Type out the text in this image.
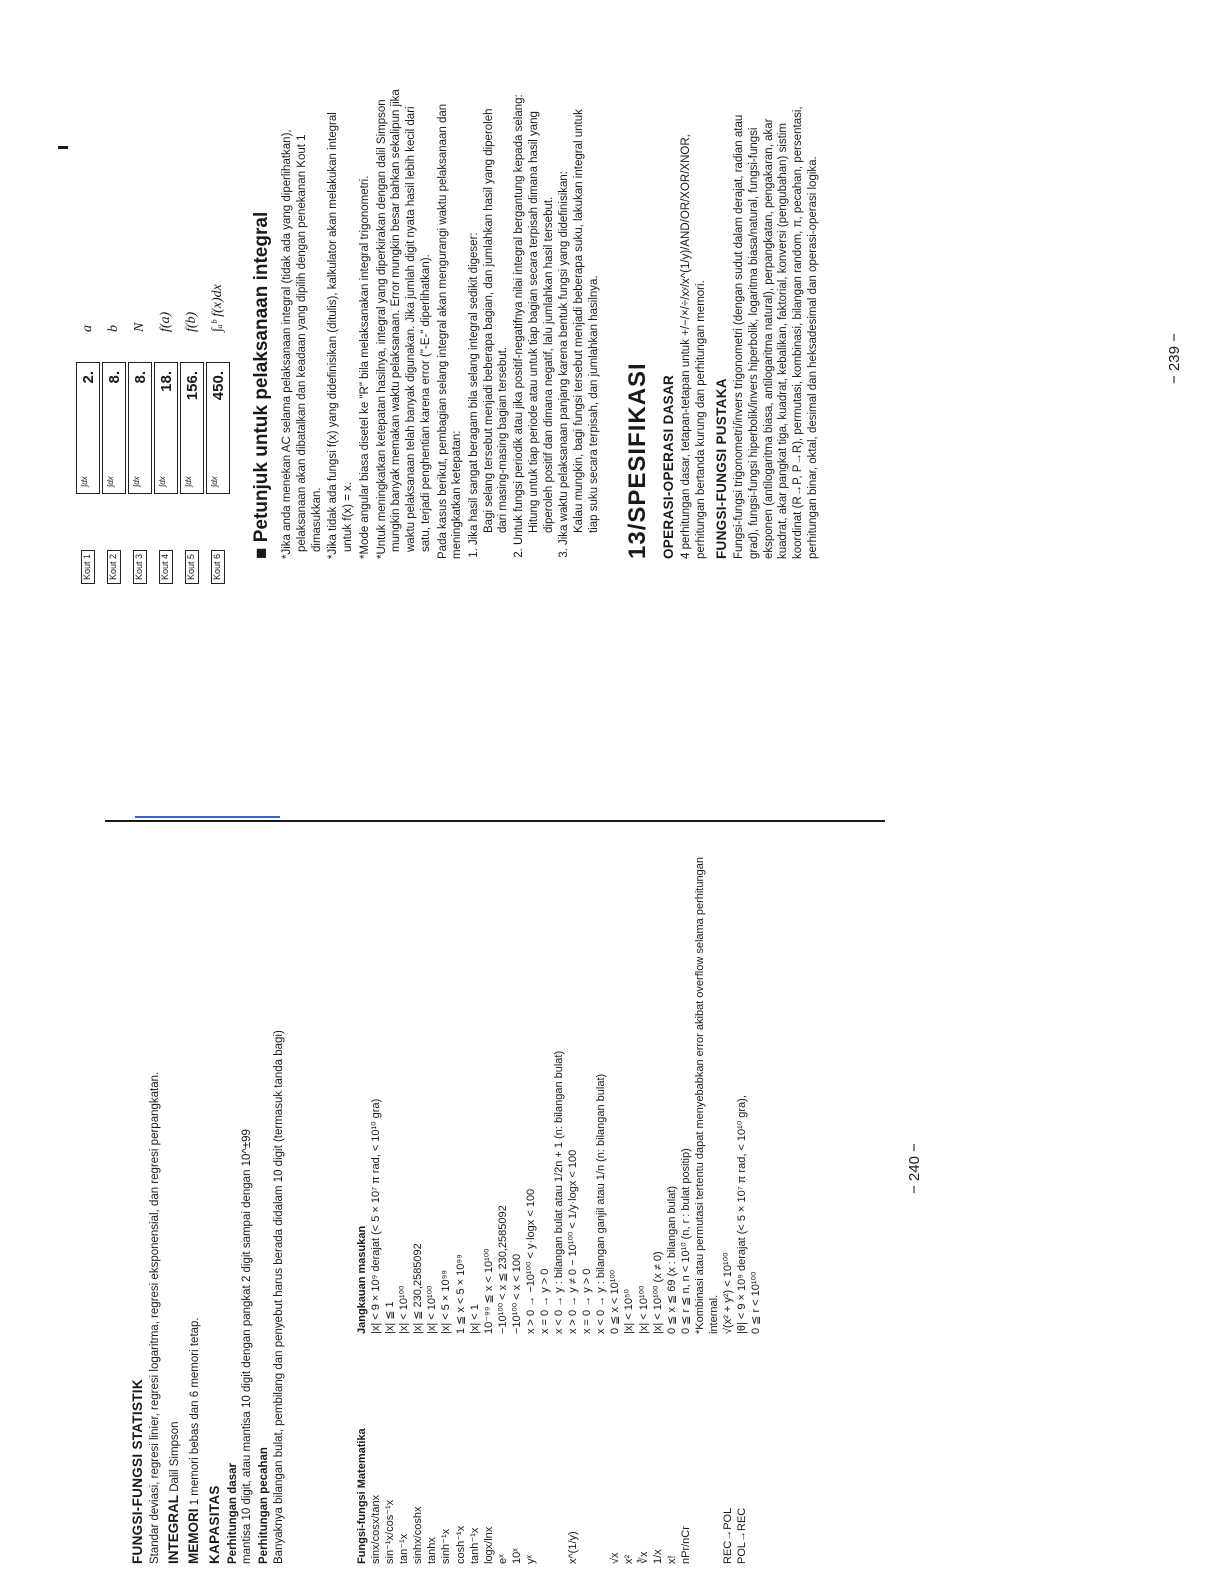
Kout 1
∫dx
2.
a
Kout 2
∫dx
8.
b
Kout 3
∫dx
8.
N
Kout 4
∫dx
18.
f(a)
Kout 5
∫dx
156.
f(b)
Kout 6
∫dx
450.
∫ₐᵇ f(x)dx ■ Petunjuk untuk pelaksanaan integral *Jika anda menekan AC selama pelaksanaan integral (tidak ada yang diperlihatkan), pelaksanaan akan dibatalkan dan keadaan yang dipilih dengan penekanan Kout 1 dimasukkan. *Jika tidak ada fungsi f(x) yang didefinisikan (ditulis), kalkulator akan melakukan integral untuk f(x) = x. *Mode angular biasa disetel ke "R" bila melaksanakan integral trigonometri. *Untuk meningkatkan ketepatan hasilnya, integral yang diperkirakan dengan dalil Simpson mungkin banyak memakan waktu pelaksanaan. Error mungkin besar bahkan sekalipun jika waktu pelaksanaan telah banyak digunakan. Jika jumlah digit nyata hasil lebih kecil dari satu, terjadi penghentian karena error ("-E-" diperlihatkan). Pada kasus berikut, pembagian selang integral akan mengurangi waktu pelaksanaan dan meningkatkan ketepatan: 1. Jika hasil sangat beragam bila selang integral sedikit digeser: Bagi selang tersebut menjadi beberapa bagian, dan jumlahkan hasil yang diperoleh dari masing-masing bagian tersebut. 2. Untuk fungsi periodik atau jika positif-negatifnya nilai integral bergantung kepada selang: Hitung untuk tiap periode atau untuk tiap bagian secara terpisah dimana hasil yang diperoleh positif dan dimana negatif, lalu jumlahkan hasil tersebut. 3. Jika waktu pelaksanaan panjang karena bentuk fungsi yang didefinisikan: Kalau mungkin, bagi fungsi tersebut menjadi beberapa suku, lakukan integral untuk tiap suku secara terpisah, dan jumlahkan hasilnya. 13/SPESIFIKASI OPERASI-OPERASI DASAR 4 perhitungan dasar, tetapan-tetapan untuk +/−/×/÷/xʸ/x^(1/y)/AND/OR/XOR/XNOR, perhitungan bertanda kurung dan perhitungan memori. FUNGSI-FUNGSI PUSTAKA Fungsi-fungsi trigonometri/invers trigonometri (dengan sudut dalam derajat, radian atau grad), fungsi-fungsi hiperbolik/invers hiperbolik, logaritma biasa/natural, fungsi-fungsi eksponen (antilogaritma biasa, antilogaritma natural), perpangkatan, pengakaran, akar kuadrat, akar pangkat tiga, kuadrat, kebalikan, faktorial, konversi (pengubahan) sistim koordinat (R→P, P→R), permutasi, kombinasi, bilangan random, π, pecahan, persentasi, perhitungan binar, oktal, desimal dan heksadesimal dan operasi-operasi logika.	− 239 −
FUNGSI-FUNGSI STATISTIK Standar deviasi, regresi linier, regresi logaritma, regresi eksponensial, dan regresi perpangkatan. INTEGRAL Dalil Simpson

MEMORI 1 memori bebas dan 6 memori tetap.

KAPASITAS Perhitungan dasar mantisa 10 digit, atau mantisa 10 digit dengan pangkat 2 digit sampai dengan 10^±99 Perhitungan pecahan Banyaknya bilangan bulat, pembilang dan penyebut harus berada didalam 10 digit (termasuk tanda bagi)	Fungsi-fungsi Matematika
Jangkauan masukan
sinx/cosx/tanx
|x| < 9 × 10⁹ derajat (< 5 × 10⁷ π rad, < 10¹⁰ gra)
sin⁻¹x/cos⁻¹x
|x| ≦ 1
tan⁻¹x
|x| < 10¹⁰⁰
sinhx/coshx
|x| ≦ 230,2585092
tanhx
|x| < 10¹⁰⁰
sinh⁻¹x
|x| < 5 × 10⁹⁹
cosh⁻¹x
1 ≦ x < 5 × 10⁹⁹
tanh⁻¹x
|x| < 1
logx/lnx
10⁻⁹⁹ ≦ x < 10¹⁰⁰
eˣ
−10¹⁰⁰ < x ≦ 230,2585092
10ˣ
−10¹⁰⁰ < x < 100
yˣ
x > 0 → −10¹⁰⁰ < y·logx < 100 x = 0 → y > 0 x < 0 → y : bilangan bulat atau 1/2n + 1 (n: bilangan bulat)
x^(1/y)
x > 0 → y ≠ 0 − 10¹⁰⁰ < 1/y·logx < 100 x = 0 → y > 0 x < 0 → y : bilangan ganjil atau 1/n (n: bilangan bulat)
√x
0 ≦ x < 10¹⁰⁰
x²
|x| < 10⁵⁰
∛x
|x| < 10¹⁰⁰
1/x
|x| < 10¹⁰⁰ (x ≠ 0)
x!
0 ≦ x ≦ 69 (x : bilangan bulat)
nPr/nCr
0 ≦ r ≦ n, n < 10¹⁰ (n, r : bulat positip) *Kombinasi atau permutasi tertentu dapat menyebabkan error akibat overflow selama perhitungan internal.
REC→POL
√(x² + y²) < 10¹⁰⁰
POL→REC
|θ| < 9 × 10⁹ derajat (< 5 × 10⁷ π rad, < 10¹⁰ gra), 0 ≦ r < 10¹⁰⁰
− 240 −
